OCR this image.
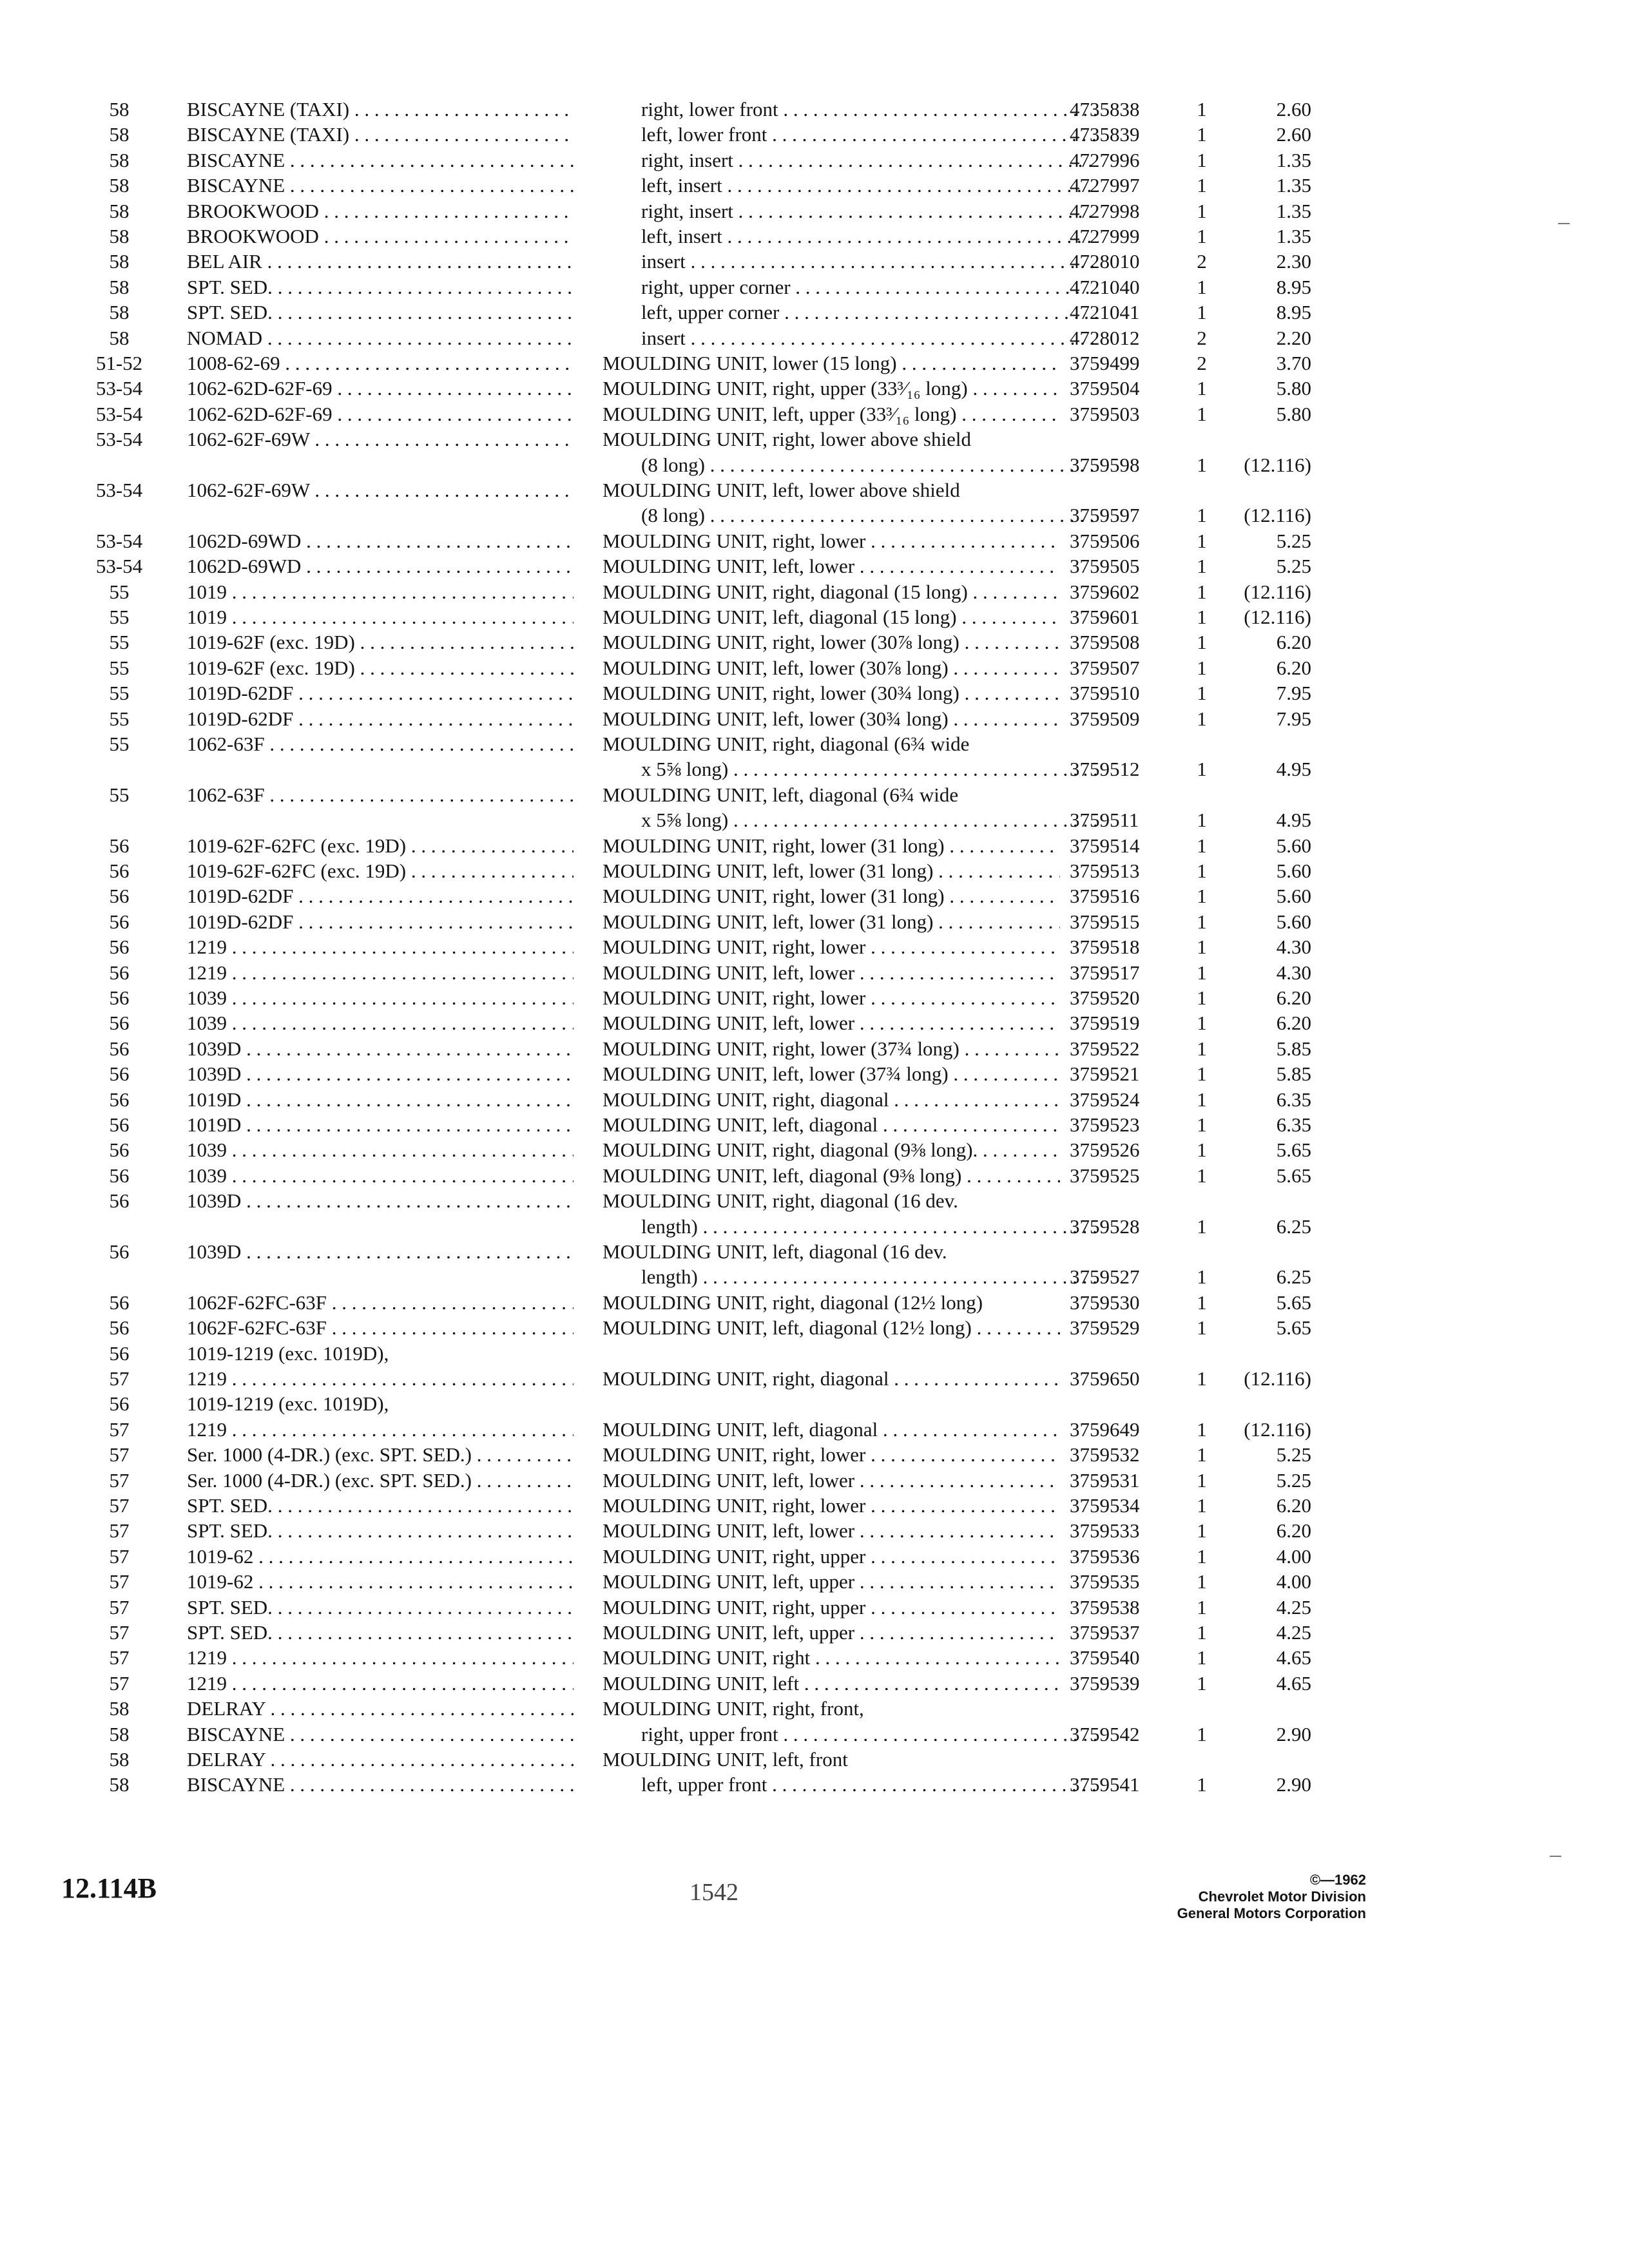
58	BISCAYNE (TAXI) . . .	right, lower front . . .	4735838	1	2.60
58	BISCAYNE (TAXI) . . .	left, lower front . . .	4735839	1	2.60
58	BISCAYNE . . .	right, insert . . .	4727996	1	1.35
58	BISCAYNE . . .	left, insert . . .	4727997	1	1.35
58	BROOKWOOD . . .	right, insert . . .	4727998	1	1.35
58	BROOKWOOD . . .	left, insert . . .	4727999	1	1.35
58	BEL AIR . . .	insert . . .	4728010	2	2.30
58	SPT. SED. . . .	right, upper corner . . .	4721040	1	8.95
58	SPT. SED. . . .	left, upper corner . . .	4721041	1	8.95
58	NOMAD . . .	insert . . .	4728012	2	2.20
51-52	1008-62-69 . . .	MOULDING UNIT, lower (15 long) . . .	3759499	2	3.70
53-54	1062-62D-62F-69 . . .	MOULDING UNIT, right, upper (33³⁄₁₆ long) . . .	3759504	1	5.80
53-54	1062-62D-62F-69 . . .	MOULDING UNIT, left, upper (33³⁄₁₆ long) . . .	3759503	1	5.80
53-54	1062-62F-69W . . .	MOULDING UNIT, right, lower above shield
(8 long) . . .	3759598	1	(12.116)
53-54	1062-62F-69W . . .	MOULDING UNIT, left, lower above shield
(8 long) . . .	3759597	1	(12.116)
53-54	1062D-69WD . . .	MOULDING UNIT, right, lower . . .	3759506	1	5.25
53-54	1062D-69WD . . .	MOULDING UNIT, left, lower . . .	3759505	1	5.25
55	1019 . . .	MOULDING UNIT, right, diagonal (15 long) . . .	3759602	1	(12.116)
55	1019 . . .	MOULDING UNIT, left, diagonal (15 long) . . .	3759601	1	(12.116)
55	1019-62F (exc. 19D) . . .	MOULDING UNIT, right, lower (30⅞ long) . . .	3759508	1	6.20
55	1019-62F (exc. 19D) . . .	MOULDING UNIT, left, lower (30⅞ long) . . .	3759507	1	6.20
55	1019D-62DF . . .	MOULDING UNIT, right, lower (30¾ long) . . .	3759510	1	7.95
55	1019D-62DF . . .	MOULDING UNIT, left, lower (30¾ long) . . .	3759509	1	7.95
55	1062-63F . . .	MOULDING UNIT, right, diagonal (6¾ wide
x 5⅝ long) . . .	3759512	1	4.95
55	1062-63F . . .	MOULDING UNIT, left, diagonal (6¾ wide
x 5⅝ long) . . .	3759511	1	4.95
56	1019-62F-62FC (exc. 19D) . . .	MOULDING UNIT, right, lower (31 long) . . .	3759514	1	5.60
56	1019-62F-62FC (exc. 19D) . . .	MOULDING UNIT, left, lower (31 long) . . .	3759513	1	5.60
56	1019D-62DF . . .	MOULDING UNIT, right, lower (31 long) . . .	3759516	1	5.60
56	1019D-62DF . . .	MOULDING UNIT, left, lower (31 long) . . .	3759515	1	5.60
56	1219 . . .	MOULDING UNIT, right, lower . . .	3759518	1	4.30
56	1219 . . .	MOULDING UNIT, left, lower . . .	3759517	1	4.30
56	1039 . . .	MOULDING UNIT, right, lower . . .	3759520	1	6.20
56	1039 . . .	MOULDING UNIT, left, lower . . .	3759519	1	6.20
56	1039D . . .	MOULDING UNIT, right, lower (37¾ long) . . .	3759522	1	5.85
56	1039D . . .	MOULDING UNIT, left, lower (37¾ long) . . .	3759521	1	5.85
56	1019D . . .	MOULDING UNIT, right, diagonal . . .	3759524	1	6.35
56	1019D . . .	MOULDING UNIT, left, diagonal . . .	3759523	1	6.35
56	1039 . . .	MOULDING UNIT, right, diagonal (9⅜ long). . . .	3759526	1	5.65
56	1039 . . .	MOULDING UNIT, left, diagonal (9⅜ long) . . .	3759525	1	5.65
56	1039D . . .	MOULDING UNIT, right, diagonal (16 dev.
length) . . .	3759528	1	6.25
56	1039D . . .	MOULDING UNIT, left, diagonal (16 dev.
length) . . .	3759527	1	6.25
56	1062F-62FC-63F . . .	MOULDING UNIT, right, diagonal (12½ long)	3759530	1	5.65
56	1062F-62FC-63F . . .	MOULDING UNIT, left, diagonal (12½ long) . . .	3759529	1	5.65
56	1019-1219 (exc. 1019D),
57	1219 . . .	MOULDING UNIT, right, diagonal . . .	3759650	1	(12.116)
56	1019-1219 (exc. 1019D),
57	1219 . . .	MOULDING UNIT, left, diagonal . . .	3759649	1	(12.116)
57	Ser. 1000 (4-DR.) (exc. SPT. SED.) . . .	MOULDING UNIT, right, lower . . .	3759532	1	5.25
57	Ser. 1000 (4-DR.) (exc. SPT. SED.) . . .	MOULDING UNIT, left, lower . . .	3759531	1	5.25
57	SPT. SED. . . .	MOULDING UNIT, right, lower . . .	3759534	1	6.20
57	SPT. SED. . . .	MOULDING UNIT, left, lower . . .	3759533	1	6.20
57	1019-62 . . .	MOULDING UNIT, right, upper . . .	3759536	1	4.00
57	1019-62 . . .	MOULDING UNIT, left, upper . . .	3759535	1	4.00
57	SPT. SED. . . .	MOULDING UNIT, right, upper . . .	3759538	1	4.25
57	SPT. SED. . . .	MOULDING UNIT, left, upper . . .	3759537	1	4.25
57	1219 . . .	MOULDING UNIT, right . . .	3759540	1	4.65
57	1219 . . .	MOULDING UNIT, left . . .	3759539	1	4.65
58	DELRAY . . .	MOULDING UNIT, right, front,
58	BISCAYNE . . .	right, upper front . . .	3759542	1	2.90
58	DELRAY . . .	MOULDING UNIT, left, front
58	BISCAYNE . . .	left, upper front . . .	3759541	1	2.90
12.114B	1542	©—1962
Chevrolet Motor Division
General Motors Corporation
